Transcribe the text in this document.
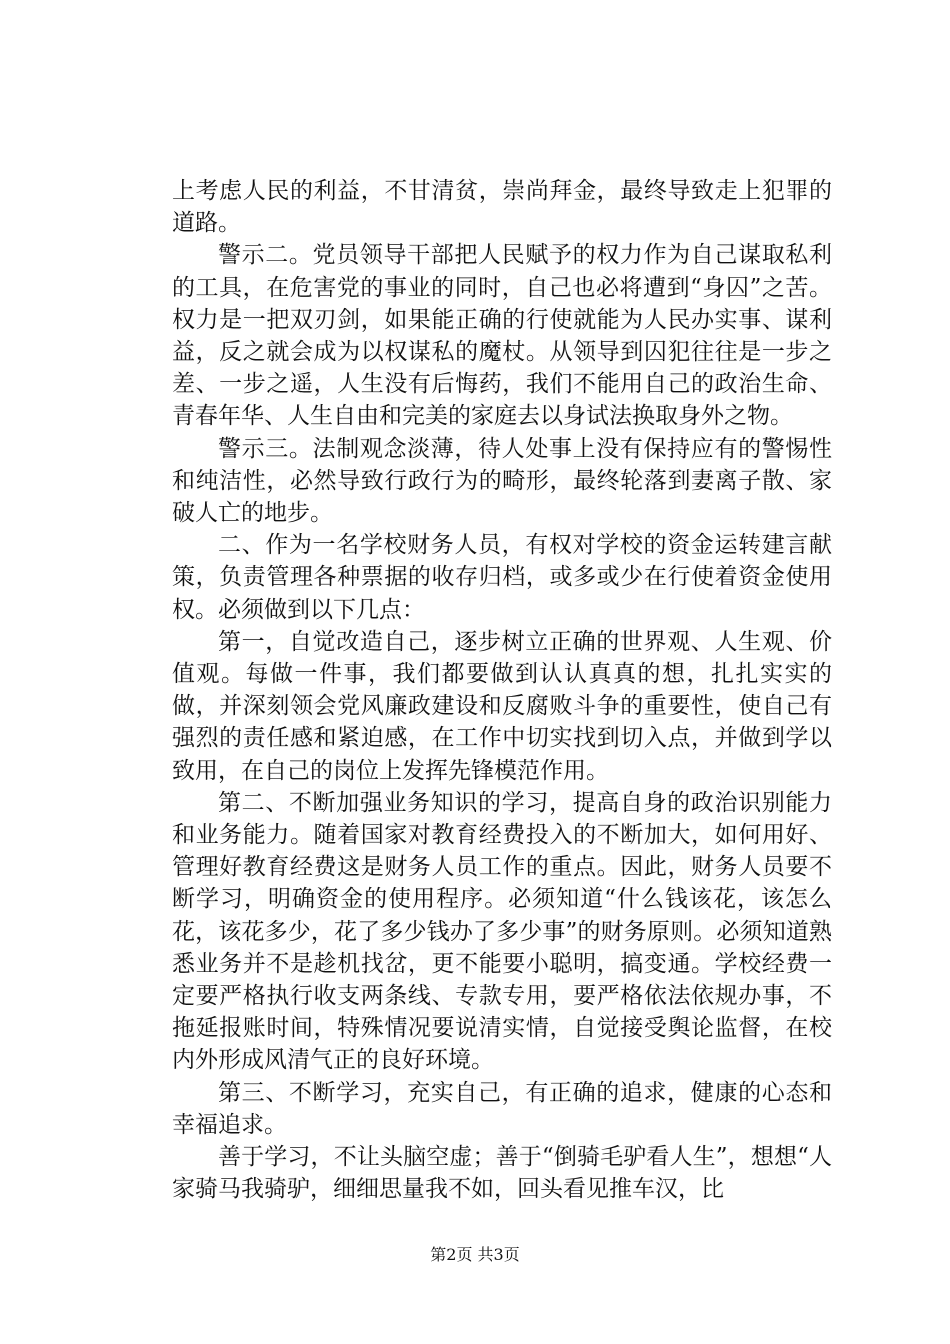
上考虑人民的利益，不甘清贫，崇尚拜金，最终导致走上犯罪的道路。

警示二。党员领导干部把人民赋予的权力作为自己谋取私利的工具，在危害党的事业的同时，自己也必将遭到“身囚”之苦。权力是一把双刃剑，如果能正确的行使就能为人民办实事、谋利益，反之就会成为以权谋私的魔杖。从领导到囚犯往往是一步之差、一步之遥，人生没有后悔药，我们不能用自己的政治生命、青春年华、人生自由和完美的家庭去以身试法换取身外之物。

警示三。法制观念淡薄，待人处事上没有保持应有的警惕性和纯洁性，必然导致行政行为的畸形，最终轮落到妻离子散、家破人亡的地步。

二、作为一名学校财务人员，有权对学校的资金运转建言献策，负责管理各种票据的收存归档，或多或少在行使着资金使用权。必须做到以下几点：

第一，自觉改造自己，逐步树立正确的世界观、人生观、价值观。每做一件事，我们都要做到认认真真的想，扎扎实实的做，并深刻领会党风廉政建设和反腐败斗争的重要性，使自己有强烈的责任感和紧迫感，在工作中切实找到切入点，并做到学以致用，在自己的岗位上发挥先锋模范作用。

第二、不断加强业务知识的学习，提高自身的政治识别能力和业务能力。随着国家对教育经费投入的不断加大，如何用好、管理好教育经费这是财务人员工作的重点。因此，财务人员要不断学习，明确资金的使用程序。必须知道“什么钱该花，该怎么花，该花多少，花了多少钱办了多少事”的财务原则。必须知道熟悉业务并不是趁机找岔，更不能要小聪明，搞变通。学校经费一定要严格执行收支两条线、专款专用，要严格依法依规办事，不拖延报账时间，特殊情况要说清实情，自觉接受舆论监督，在校内外形成风清气正的良好环境。

第三、不断学习，充实自己，有正确的追求，健康的心态和幸福追求。

善于学习，不让头脑空虚；善于“倒骑毛驴看人生”，想想“人家骑马我骑驴，细细思量我不如，回头看见推车汉，比

第2页 共3页
